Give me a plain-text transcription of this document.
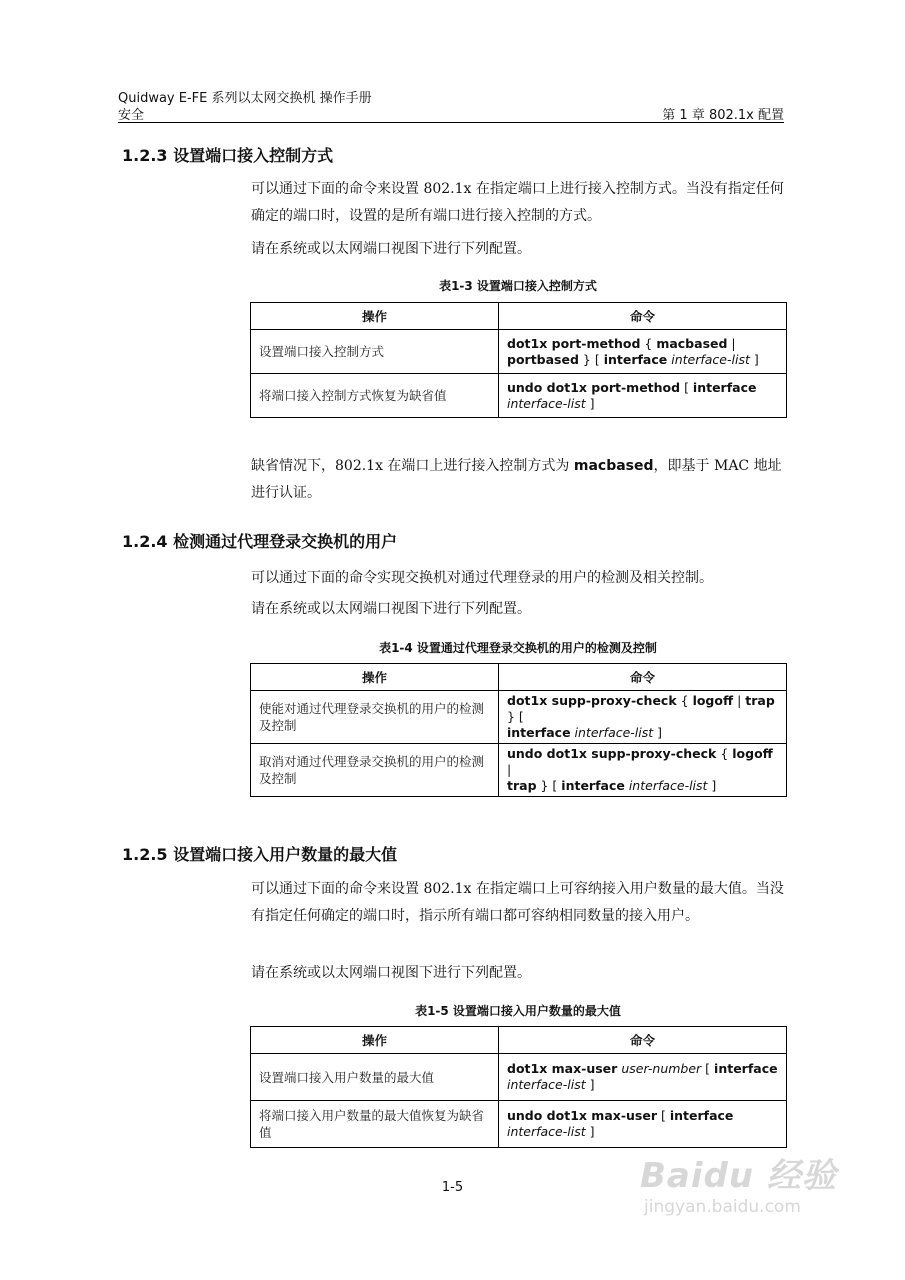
Quidway E-FE 系列以太网交换机 操作手册
安全	第 1 章 802.1x 配置
1.2.3 设置端口接入控制方式
可以通过下面的命令来设置 802.1x 在指定端口上进行接入控制方式。当没有指定任何确定的端口时，设置的是所有端口进行接入控制的方式。
请在系统或以太网端口视图下进行下列配置。
表1-3 设置端口接入控制方式
操作	命令
设置端口接入控制方式	dot1x port-method { macbased |
portbased } [ interface interface-list ]
将端口接入控制方式恢复为缺省值	undo dot1x port-method [ interface
interface-list ]
缺省情况下，802.1x 在端口上进行接入控制方式为 macbased，即基于 MAC 地址进行认证。
1.2.4 检测通过代理登录交换机的用户
可以通过下面的命令实现交换机对通过代理登录的用户的检测及相关控制。
请在系统或以太网端口视图下进行下列配置。
表1-4 设置通过代理登录交换机的用户的检测及控制
操作	命令
使能对通过代理登录交换机的用户的检测及控制	dot1x supp-proxy-check { logoff | trap } [
interface interface-list ]
取消对通过代理登录交换机的用户的检测及控制	undo dot1x supp-proxy-check { logoff |
trap } [ interface interface-list ]
1.2.5 设置端口接入用户数量的最大值
可以通过下面的命令来设置 802.1x 在指定端口上可容纳接入用户数量的最大值。当没有指定任何确定的端口时，指示所有端口都可容纳相同数量的接入用户。
请在系统或以太网端口视图下进行下列配置。
表1-5 设置端口接入用户数量的最大值
操作	命令
设置端口接入用户数量的最大值	dot1x max-user user-number [ interface
interface-list ]
将端口接入用户数量的最大值恢复为缺省值	undo dot1x max-user [ interface
interface-list ]
1-5	Baidu 经验
jingyan.baidu.com
